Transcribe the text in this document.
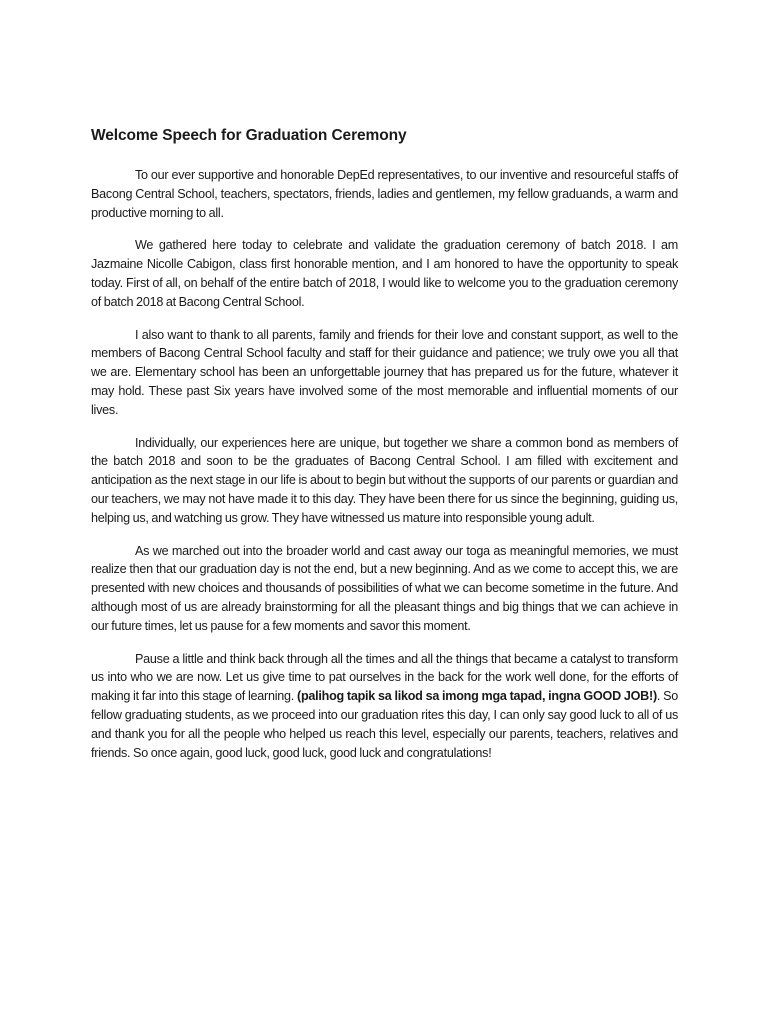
Welcome Speech for Graduation Ceremony

To our ever supportive and honorable DepEd representatives, to our inventive and resourceful staffs of Bacong Central School, teachers, spectators, friends, ladies and gentlemen, my fellow graduands, a warm and productive morning to all.

We gathered here today to celebrate and validate the graduation ceremony of batch 2018. I am Jazmaine Nicolle Cabigon, class first honorable mention, and I am honored to have the opportunity to speak today. First of all, on behalf of the entire batch of 2018, I would like to welcome you to the graduation ceremony of batch 2018 at Bacong Central School.

I also want to thank to all parents, family and friends for their love and constant support, as well to the members of Bacong Central School faculty and staff for their guidance and patience; we truly owe you all that we are. Elementary school has been an unforgettable journey that has prepared us for the future, whatever it may hold. These past Six years have involved some of the most memorable and influential moments of our lives.

Individually, our experiences here are unique, but together we share a common bond as members of the batch 2018 and soon to be the graduates of Bacong Central School. I am filled with excitement and anticipation as the next stage in our life is about to begin but without the supports of our parents or guardian and our teachers, we may not have made it to this day. They have been there for us since the beginning, guiding us, helping us, and watching us grow. They have witnessed us mature into responsible young adult.

As we marched out into the broader world and cast away our toga as meaningful memories, we must realize then that our graduation day is not the end, but a new beginning. And as we come to accept this, we are presented with new choices and thousands of possibilities of what we can become sometime in the future. And although most of us are already brainstorming for all the pleasant things and big things that we can achieve in our future times, let us pause for a few moments and savor this moment.

Pause a little and think back through all the times and all the things that became a catalyst to transform us into who we are now. Let us give time to pat ourselves in the back for the work well done, for the efforts of making it far into this stage of learning. (palihog tapik sa likod sa imong mga tapad, ingna GOOD JOB!). So fellow graduating students, as we proceed into our graduation rites this day, I can only say good luck to all of us and thank you for all the people who helped us reach this level, especially our parents, teachers, relatives and friends. So once again, good luck, good luck, good luck and congratulations!
